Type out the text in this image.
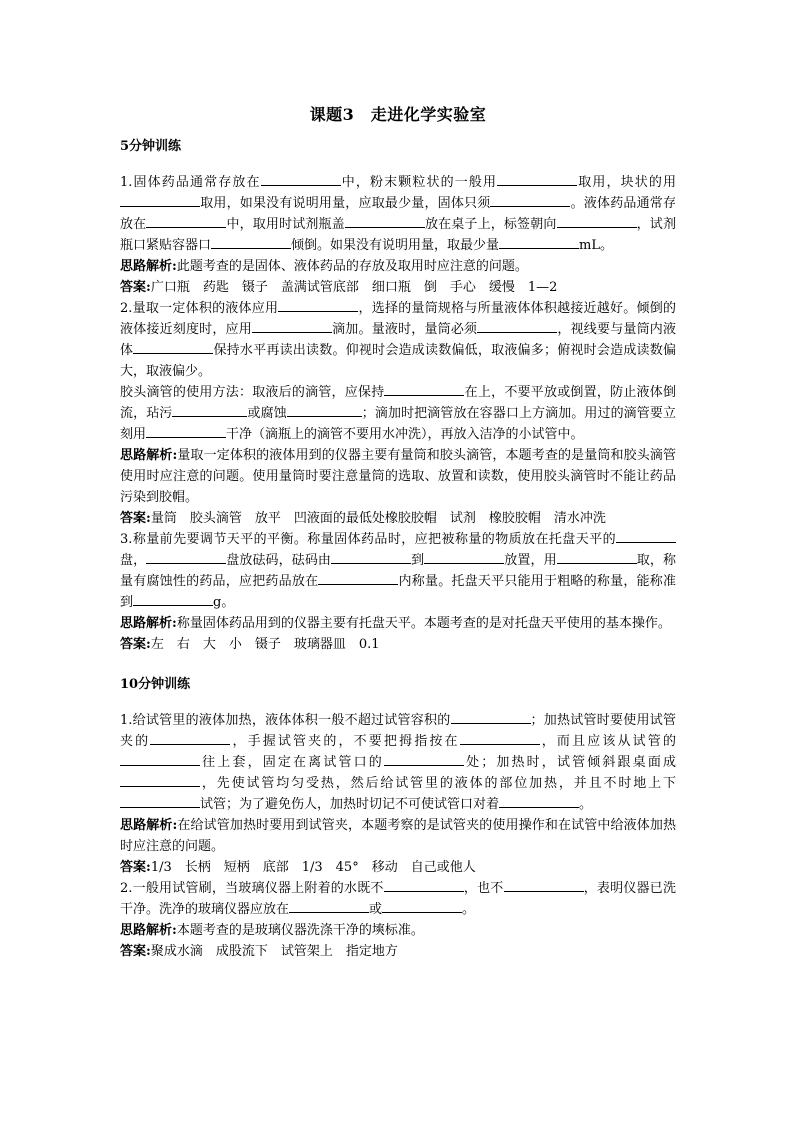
课题3　走进化学实验室
5分钟训练

1.固体药品通常存放在	中，粉末颗粒状的一般用	取用，块状的用取用，如果没有说明用量，应取最少量，固体只须	。液体药品通常存放在	中，取用时试剂瓶盖	放在桌子上，标签朝向	，试剂瓶口紧贴容器口	倾倒。如果没有说明用量，取最少量	mL。

思路解析:此题考查的是固体、液体药品的存放及取用时应注意的问题。

答案:广口瓶　药匙　镊子　盖满试管底部　细口瓶　倒　手心　缓慢　1—2

2.量取一定体积的液体应用	，选择的量筒规格与所量液体体积越接近越好。倾倒的液体接近刻度时，应用	滴加。量液时，量筒必须	，视线要与量筒内液体	保持水平再读出读数。仰视时会造成读数偏低，取液偏多；俯视时会造成读数偏大，取液偏少。

胶头滴管的使用方法：取液后的滴管，应保持	在上，不要平放或倒置，防止液体倒流，玷污	或腐蚀	；滴加时把滴管放在容器口上方滴加。用过的滴管要立刻用	干净（滴瓶上的滴管不要用水冲洗），再放入洁净的小试管中。

思路解析:量取一定体积的液体用到的仪器主要有量筒和胶头滴管，本题考查的是量筒和胶头滴管使用时应注意的问题。使用量筒时要注意量筒的选取、放置和读数，使用胶头滴管时不能让药品污染到胶帽。

答案:量筒　胶头滴管　放平　凹液面的最低处橡胶胶帽　试剂　橡胶胶帽　清水冲洗

3.称量前先要调节天平的平衡。称量固体药品时，应把被称量的物质放在托盘天平的盘，	盘放砝码，砝码由	到	放置，用	取，称量有腐蚀性的药品，应把药品放在	内称量。托盘天平只能用于粗略的称量，能称准到	g。

思路解析:称量固体药品用到的仪器主要有托盘天平。本题考查的是对托盘天平使用的基本操作。

答案:左　右　大　小　镊子　玻璃器皿　0.1

10分钟训练

1.给试管里的液体加热，液体体积一般不超过试管容积的	；加热试管时要使用试管夹的	，手握试管夹的，不要把拇指按在	，而且应该从试管的往上套，固定在离试管口的	处；加热时，试管倾斜跟桌面成，先使试管均匀受热，然后给试管里的液体的部位加热，并且不时地上下试管；为了避免伤人，加热时切记不可使试管口对着	。

思路解析:在给试管加热时要用到试管夹，本题考察的是试管夹的使用操作和在试管中给液体加热时应注意的问题。

答案:1/3　长柄　短柄　底部　1/3　45°　移动　自己或他人

2.一般用试管刷，当玻璃仪器上附着的水既不	，也不	，表明仪器已洗干净。洗净的玻璃仪器应放在	或	。

思路解析:本题考查的是玻璃仪器洗涤干净的塽标准。

答案:聚成水滴　成股流下　试管架上　指定地方
